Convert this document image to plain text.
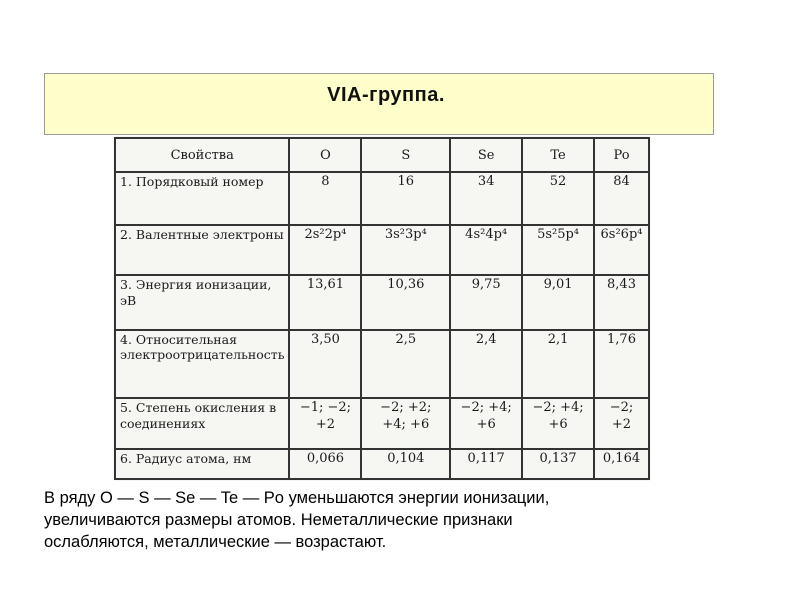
VIA-группа.
Свойства	O	S	Se	Te	Po
1. Порядковый номер	8	16	34	52	84
2. Валентные электроны	2s²2p⁴	3s²3p⁴	4s²4p⁴	5s²5p⁴	6s²6p⁴
3. Энергия ионизации, эВ	13,61	10,36	9,75	9,01	8,43
4. Относительная электроотрицательность	3,50	2,5	2,4	2,1	1,76
5. Степень окисления в соединениях	−1; −2; +2	−2; +2; +4; +6	−2; +4; +6	−2; +4; +6	−2; +2
6. Радиус атома, нм	0,066	0,104	0,117	0,137	0,164
В ряду O — S — Se — Te — Po уменьшаются энергии ионизации,
увеличиваются размеры атомов. Неметаллические признаки
ослабляются, металлические — возрастают.
